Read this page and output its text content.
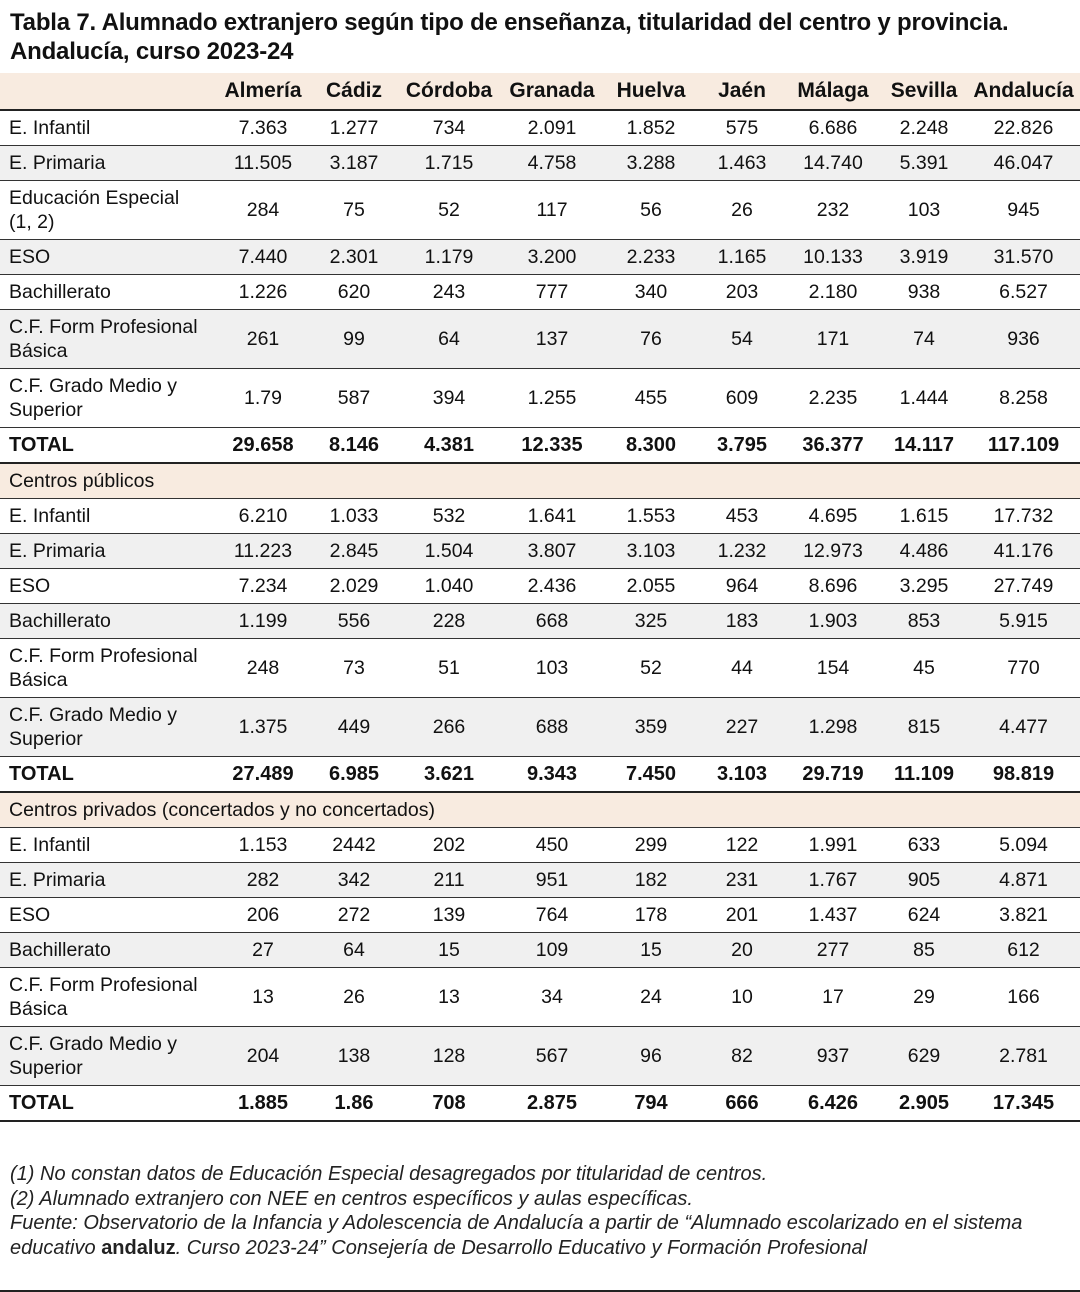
Tabla 7. Alumnado extranjero según tipo de enseñanza, titularidad del centro y provincia. Andalucía, curso 2023-24
	Almería	Cádiz	Córdoba	Granada	Huelva	Jaén	Málaga	Sevilla	Andalucía
E. Infantil	7.363	1.277	734	2.091	1.852	575	6.686	2.248	22.826
E. Primaria	11.505	3.187	1.715	4.758	3.288	1.463	14.740	5.391	46.047
Educación Especial (1, 2)	284	75	52	117	56	26	232	103	945
ESO	7.440	2.301	1.179	3.200	2.233	1.165	10.133	3.919	31.570
Bachillerato	1.226	620	243	777	340	203	2.180	938	6.527
C.F. Form Profesional Básica	261	99	64	137	76	54	171	74	936
C.F. Grado Medio y Superior	1.79	587	394	1.255	455	609	2.235	1.444	8.258
TOTAL	29.658	8.146	4.381	12.335	8.300	3.795	36.377	14.117	117.109
Centros públicos									
E. Infantil	6.210	1.033	532	1.641	1.553	453	4.695	1.615	17.732
E. Primaria	11.223	2.845	1.504	3.807	3.103	1.232	12.973	4.486	41.176
ESO	7.234	2.029	1.040	2.436	2.055	964	8.696	3.295	27.749
Bachillerato	1.199	556	228	668	325	183	1.903	853	5.915
C.F. Form Profesional Básica	248	73	51	103	52	44	154	45	770
C.F. Grado Medio y Superior	1.375	449	266	688	359	227	1.298	815	4.477
TOTAL	27.489	6.985	3.621	9.343	7.450	3.103	29.719	11.109	98.819
Centros privados (concertados y no concertados)									
E. Infantil	1.153	2442	202	450	299	122	1.991	633	5.094
E. Primaria	282	342	211	951	182	231	1.767	905	4.871
ESO	206	272	139	764	178	201	1.437	624	3.821
Bachillerato	27	64	15	109	15	20	277	85	612
C.F. Form Profesional Básica	13	26	13	34	24	10	17	29	166
C.F. Grado Medio y Superior	204	138	128	567	96	82	937	629	2.781
TOTAL	1.885	1.86	708	2.875	794	666	6.426	2.905	17.345
(1) No constan datos de Educación Especial desagregados por titularidad de centros.
(2) Alumnado extranjero con NEE en centros específicos y aulas específicas.
Fuente: Observatorio de la Infancia y Adolescencia de Andalucía a partir de “Alumnado escolarizado en el sistema educativo andaluz. Curso 2023-24” Consejería de Desarrollo Educativo y Formación Profesional
